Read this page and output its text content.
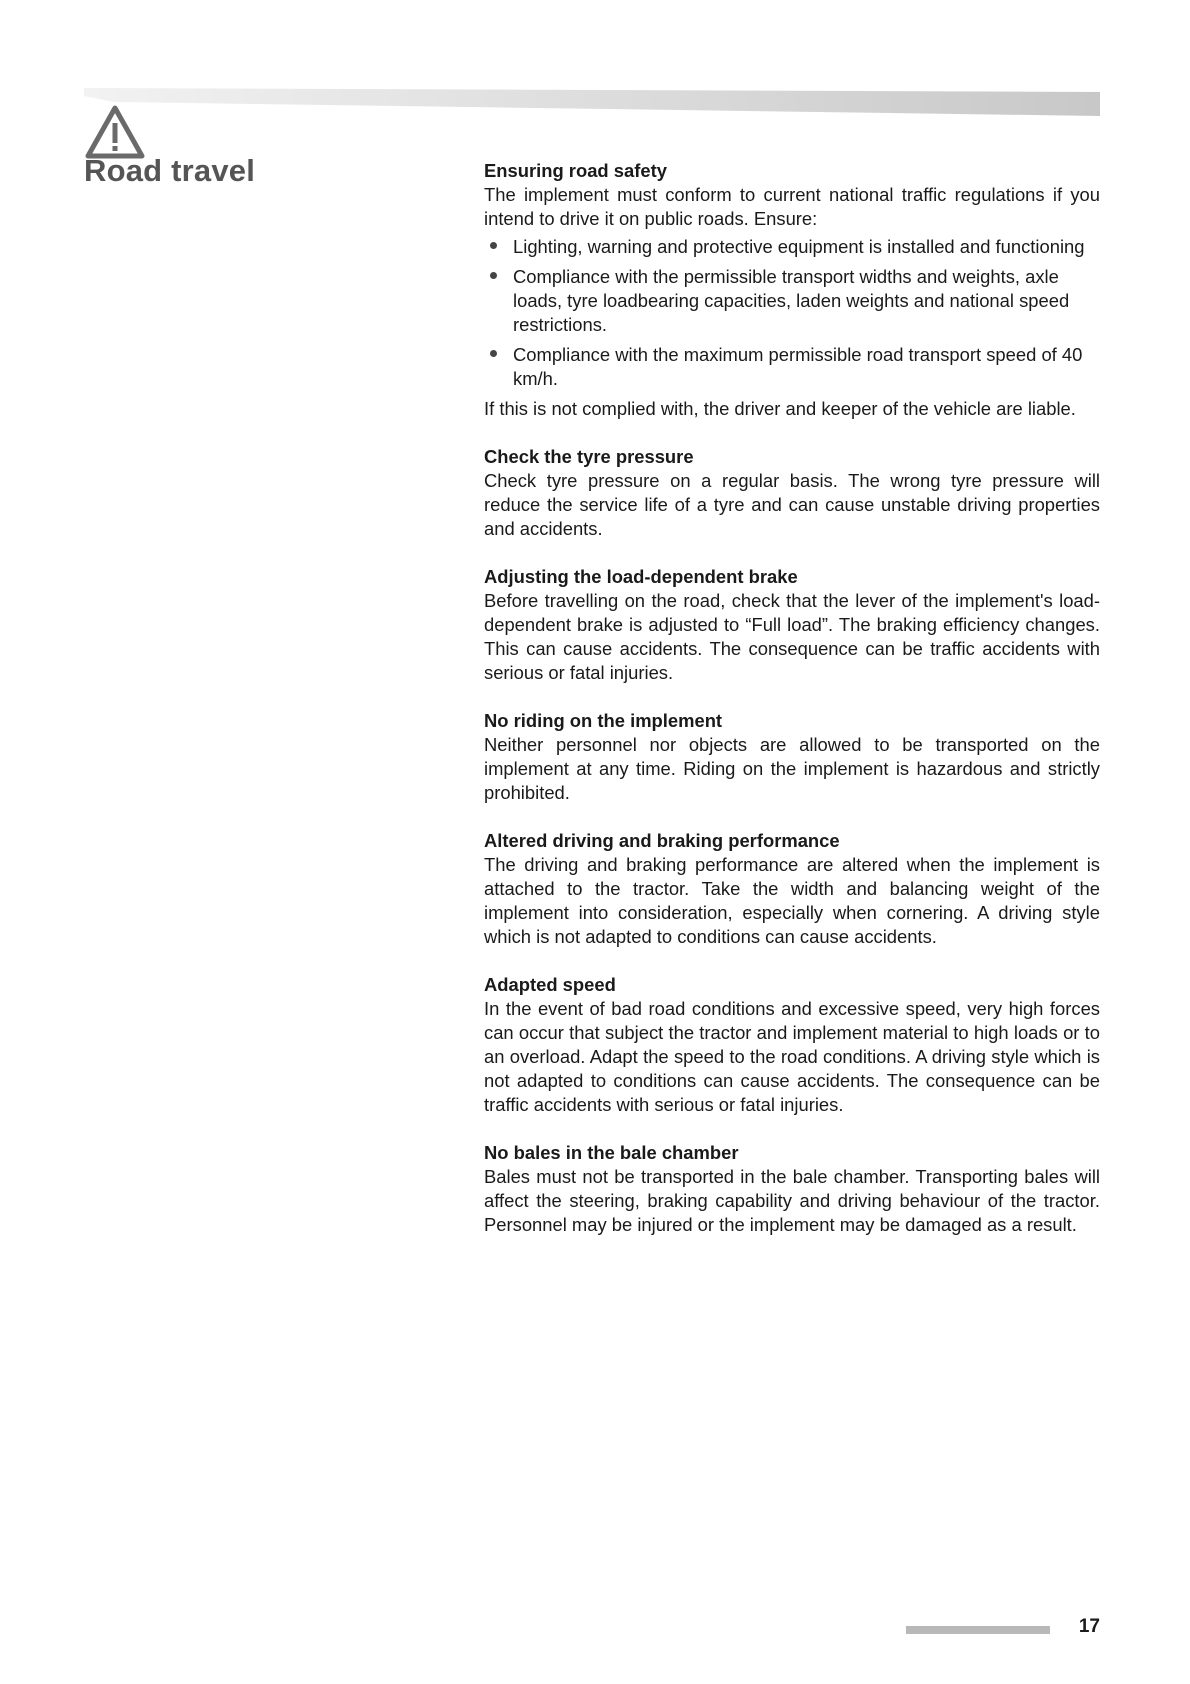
Road travel	Ensuring road safety

The implement must conform to current national traffic regulations if you intend to drive it on public roads. Ensure:

Lighting, warning and protective equipment is installed and functioning
Compliance with the permissible transport widths and weights, axle loads, tyre loadbearing capacities, laden weights and national speed restrictions.
Compliance with the maximum permissible road transport speed of 40 km/h.

If this is not complied with, the driver and keeper of the vehicle are liable.

Check the tyre pressure

Check tyre pressure on a regular basis. The wrong tyre pressure will reduce the service life of a tyre and can cause unstable driving properties and accidents.

Adjusting the load-dependent brake

Before travelling on the road, check that the lever of the implement's load-dependent brake is adjusted to “Full load”. The braking efficiency changes. This can cause accidents. The consequence can be traffic accidents with serious or fatal injuries.

No riding on the implement

Neither personnel nor objects are allowed to be transported on the implement at any time. Riding on the implement is hazardous and strictly prohibited.

Altered driving and braking performance

The driving and braking performance are altered when the implement is attached to the tractor. Take the width and balancing weight of the implement into consideration, especially when cornering. A driving style which is not adapted to conditions can cause accidents.

Adapted speed

In the event of bad road conditions and excessive speed, very high forces can occur that subject the tractor and implement material to high loads or to an overload. Adapt the speed to the road conditions. A driving style which is not adapted to conditions can cause accidents. The consequence can be traffic accidents with serious or fatal injuries.

No bales in the bale chamber

Bales must not be transported in the bale chamber. Transporting bales will affect the steering, braking capability and driving behaviour of the tractor. Personnel may be injured or the implement may be damaged as a result.

17
